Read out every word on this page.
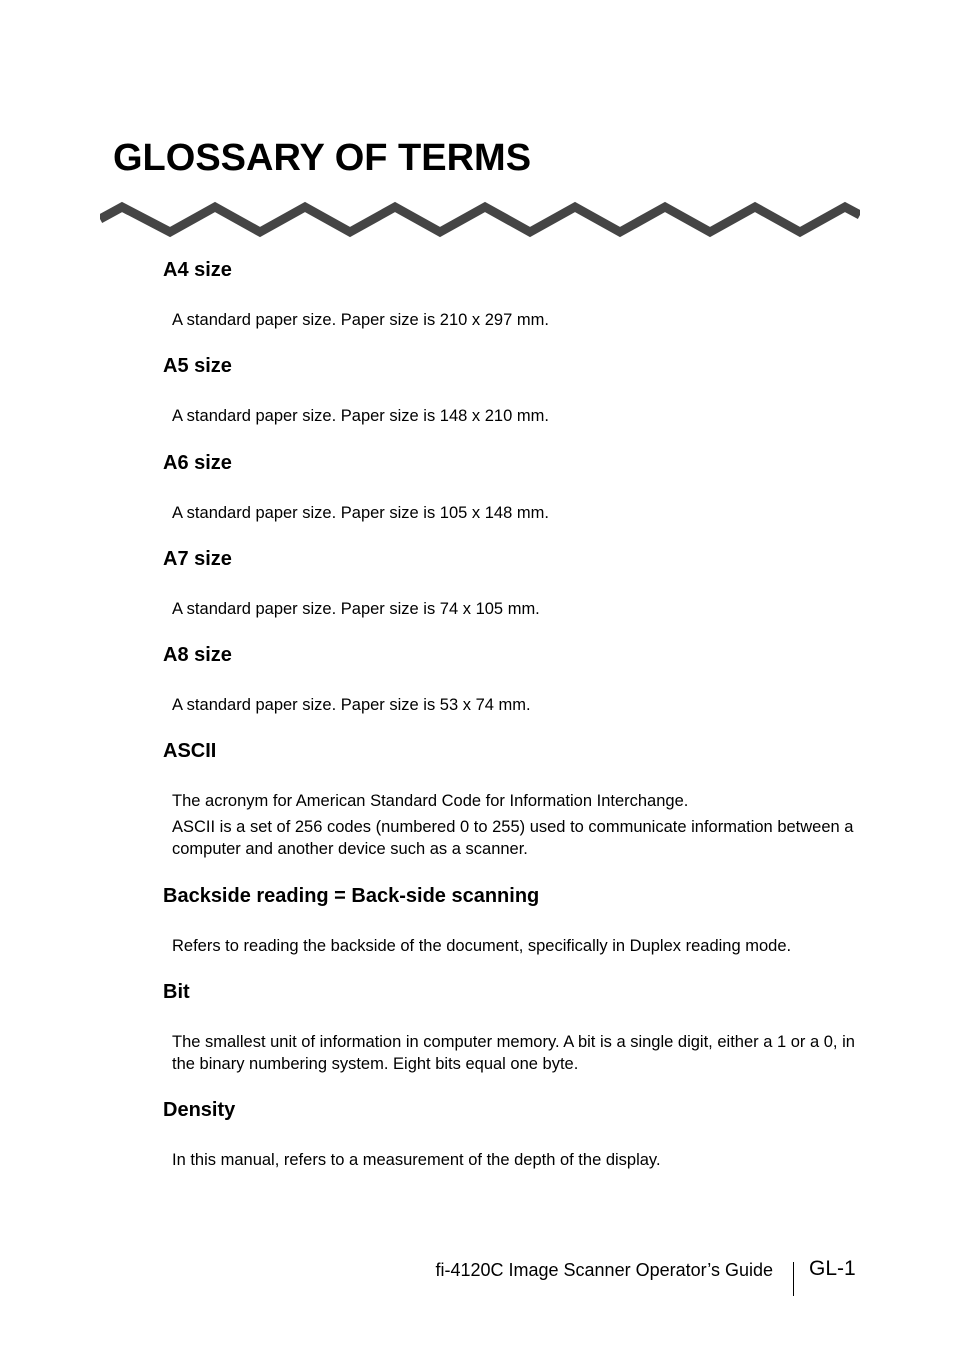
GLOSSARY OF TERMS
A4 size
A standard paper size. Paper size is 210 x 297 mm.
A5 size
A standard paper size. Paper size is 148 x 210 mm.
A6 size
A standard paper size. Paper size is 105 x 148 mm.
A7 size
A standard paper size. Paper size is 74 x 105 mm.
A8 size
A standard paper size. Paper size is 53 x 74 mm.
ASCII
The acronym for American Standard Code for Information Interchange.
ASCII is a set of 256 codes (numbered 0 to 255) used to communicate information between a computer and another device such as a scanner.
Backside reading = Back-side scanning
Refers to reading the backside of the document, specifically in Duplex reading mode.
Bit
The smallest unit of information in computer memory. A bit is a single digit, either a 1 or a 0, in the binary numbering system. Eight bits equal one byte.
Density
In this manual, refers to a measurement of the depth of the display.
fi-4120C Image Scanner Operator’s Guide GL-1
